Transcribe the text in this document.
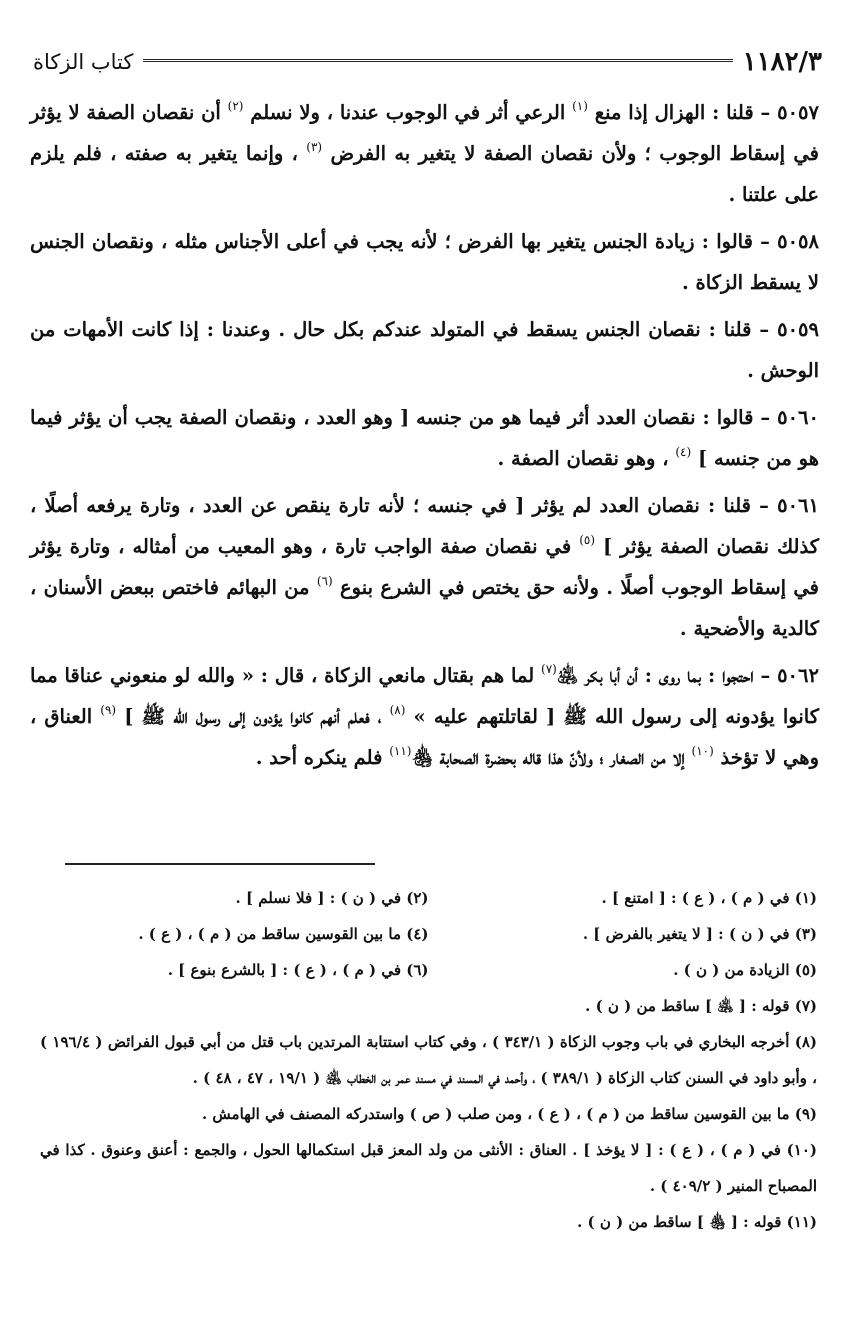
١١٨٢/٣
كتاب الزكاة

٥٠٥٧ – قلنا : الهزال إذا منع $^{(١)}$ الرعي أثر في الوجوب عندنا ، ولا نسلم $^{(٢)}$ أن نقصان الصفة لا يؤثر في إسقاط الوجوب ؛ ولأن نقصان الصفة لا يتغير به الفرض $^{(٣)}$ ، وإنما يتغير به صفته ، فلم يلزم على علتنا .

٥٠٥٨ – قالوا : زيادة الجنس يتغير بها الفرض ؛ لأنه يجب في أعلى الأجناس مثله ، ونقصان الجنس لا يسقط الزكاة .

٥٠٥٩ – قلنا : نقصان الجنس يسقط في المتولد عندكم بكل حال . وعندنا : إذا كانت الأمهات من الوحش .

٥٠٦٠ – قالوا : نقصان العدد أثر فيما هو من جنسه [ وهو العدد ، ونقصان الصفة يجب أن يؤثر فيما هو من جنسه ] $^{(٤)}$ ، وهو نقصان الصفة .

٥٠٦١ – قلنا : نقصان العدد لم يؤثر [ في جنسه ؛ لأنه تارة ينقص عن العدد ، وتارة يرفعه أصلًا ، كذلك نقصان الصفة يؤثر ] $^{(٥)}$ في نقصان صفة الواجب تارة ، وهو المعيب من أمثاله ، وتارة يؤثر في إسقاط الوجوب أصلًا . ولأنه حق يختص في الشرع بنوع $^{(٦)}$ من البهائم فاختص ببعض الأسنان ، كالدية والأضحية .

٥٠٦٢ – احتجوا : بما روى : أن أبا بكر ﵁$^{(٧)}$ لما هم بقتال مانعي الزكاة ، قال : « والله لو منعوني عناقا مما كانوا يؤدونه إلى رسول الله ﷺ [ لقاتلتهم عليه » $^{(٨)}$ ، فعلم أنهم كانوا يؤدون إلى رسول الله ﷺ ] $^{(٩)}$ العناق ، وهي لا تؤخذ $^{(١٠)}$ إلا من الصغار ؛ ولأنّ هذا قاله بحضرة الصحابة ﵃$^{(١١)}$ فلم ينكره أحد .

(١) في ( م ) ، ( ع ) : [ امتنع ] .
(٢) في ( ن ) : [ فلا نسلم ] .
(٣) في ( ن ) : [ لا يتغير بالفرض ] .
(٤) ما بين القوسين ساقط من ( م ) ، ( ع ) .
(٥) الزيادة من ( ن ) .
(٦) في ( م ) ، ( ع ) : [ بالشرع بنوع ] .
(٧) قوله : [ ﵁ ] ساقط من ( ن ) .
(٨) أخرجه البخاري في باب وجوب الزكاة ( ٣٤٣/١ ) ، وفي كتاب استتابة المرتدين باب قتل من أبي قبول الفرائض ( ١٩٦/٤ ) ، وأبو داود في السنن كتاب الزكاة ( ٣٨٩/١ ) ، وأحمد في المسند في مسند عمر بن الخطاب ﵁ ( ١٩/١ ، ٤٧ ، ٤٨ ) .
(٩) ما بين القوسين ساقط من ( م ) ، ( ع ) ، ومن صلب ( ص ) واستدركه المصنف في الهامش .
(١٠) في ( م ) ، ( ع ) : [ لا يؤخذ ] . العناق : الأنثى من ولد المعز قبل استكمالها الحول ، والجمع : أعنق وعنوق . كذا في المصباح المنير ( ٤٠٩/٢ ) .
(١١) قوله : [ ﵃ ] ساقط من ( ن ) .
